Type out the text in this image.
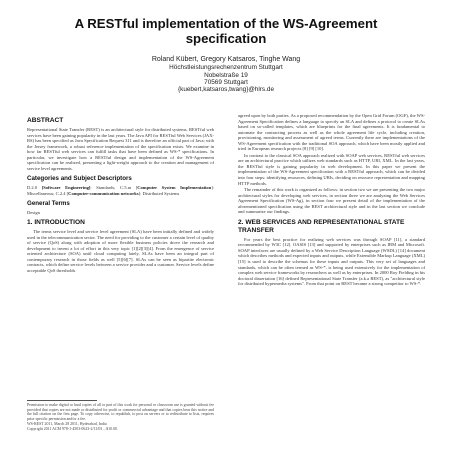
A RESTful implementation of the WS-Agreement specification
Roland Kübert, Gregory Katsaros, Tinghe Wang
Höchstleistungsrechenzentrum Stuttgart
Nobelstraße 19
70569 Stuttgart
{kuebert,katsaros,twang}@hlrs.de
ABSTRACT

Representational State Transfer (REST) is an architectural style for distributed systems. RESTful web services have been gaining popularity in the last years. The Java API for RESTful Web Services (JAX-RS) has been specified as Java Specification Request 311 and is therefore an official part of Java; with the Jersey framework, a robust reference implementation of the specification exists. We examine in how far RESTful web services can fulfill tasks that have been defined as WS-* specifications. In particular, we investigate how a RESTful design and implementation of the WS-Agreement specification can be realized, presenting a light-weight approach to the creation and management of service level agreements.

Categories and Subject Descriptors

D.2.0 [Software Engineering]: Standards; C.5.m [Computer System Implementation]: Miscellaneous; C.2.4 [Computer-communication networks]: Distributed Systems

General Terms

Design

1. INTRODUCTION

The terms service level and service level agreement (SLA) have been initially defined and widely used in the telecommunication sector. The need for providing to the customer a certain level of quality of service (QoS) along with adoption of more flexible business policies drove the research and development to invent a lot of effort in this very topic [1][2][3][4]. From the emergence of service oriented architecture (SOA) until cloud computing lately, SLAs have been an integral part of contemporary research in those fields as well [5][6][7]. SLAs can be seen as bipartite electronic contracts, which define service levels between a service provider and a customer. Service levels define acceptable QoS thresholds

Permission to make digital or hard copies of all or part of this work for personal or classroom use is granted without fee provided that copies are not made or distributed for profit or commercial advantage and that copies bear this notice and the full citation on the first page. To copy otherwise, to republish, to post on servers or to redistribute to lists, requires prior specific permission and/or a fee.
WS-REST 2011, March 28 2011, Hyderabad, India
Copyright 2011 ACM 978-1-4503-0623-2/11/03 ...$10.00.

agreed upon by both parties. As a proposed recommendation by the Open Grid Forum (OGF), the WS-Agreement Specification defines a language to specify an SLA and defines a protocol to create SLAs based on so-called templates, which are blueprints for the final agreements. It is fundamental to automate the contracting process as well as the whole agreement life cycle, including creation, provisioning, monitoring and assessment of agreed terms. Currently there are implementations of the WS-Agreement specification with the traditional SOA approach, which have been mostly applied and tried in European research projects [8] [9] [10].

In contrast to the classical SOA approach realized with SOAP web services, RESTful web services are an architectural practice which utilizes web standards such as HTTP, URI, XML. In the last years, the RESTful style is gaining popularity in web development. In this paper we present the implementation of the WS-Agreement specification with a RESTful approach, which can be divided into four steps: identifying resources, defining URIs, deciding on resource representation and mapping HTTP methods.

The remainder of this work is organized as follows: in section two we are presenting the two major architectural styles for developing web services, in section three we are analyzing the Web Services Agreement Specification (WS-Ag), in section four we present detail of the implementation of the aforementioned specification using the REST architectural style and in the last section we conclude and summarize our findings.

2. WEB SERVICES AND REPRESENTATIONAL STATE TRANSFER

For years the best practice for realizing web services was through SOAP [11], a standard recommended by W3C [12]. OASIS [13] and supported by enterprises such as IBM and Microsoft. SOAP interfaces are usually defined by a Web Service Description Language (WSDL) [14] document which describes methods and expected inputs and outputs, while Extensible Markup Language (XML) [15] is used to describe the schemas for these inputs and outputs. This very set of languages and standards, which can be often termed as WS-*, is being used extensively for the implementation of complex web service frameworks by researchers as well as by enterprises. In 2000 Roy Fielding in his doctoral dissertation [16] defined Representational State Transfer (a.k.a REST), as "architectural style for distributed hypermedia systems". From that point on REST became a strong competitor to WS-*.
